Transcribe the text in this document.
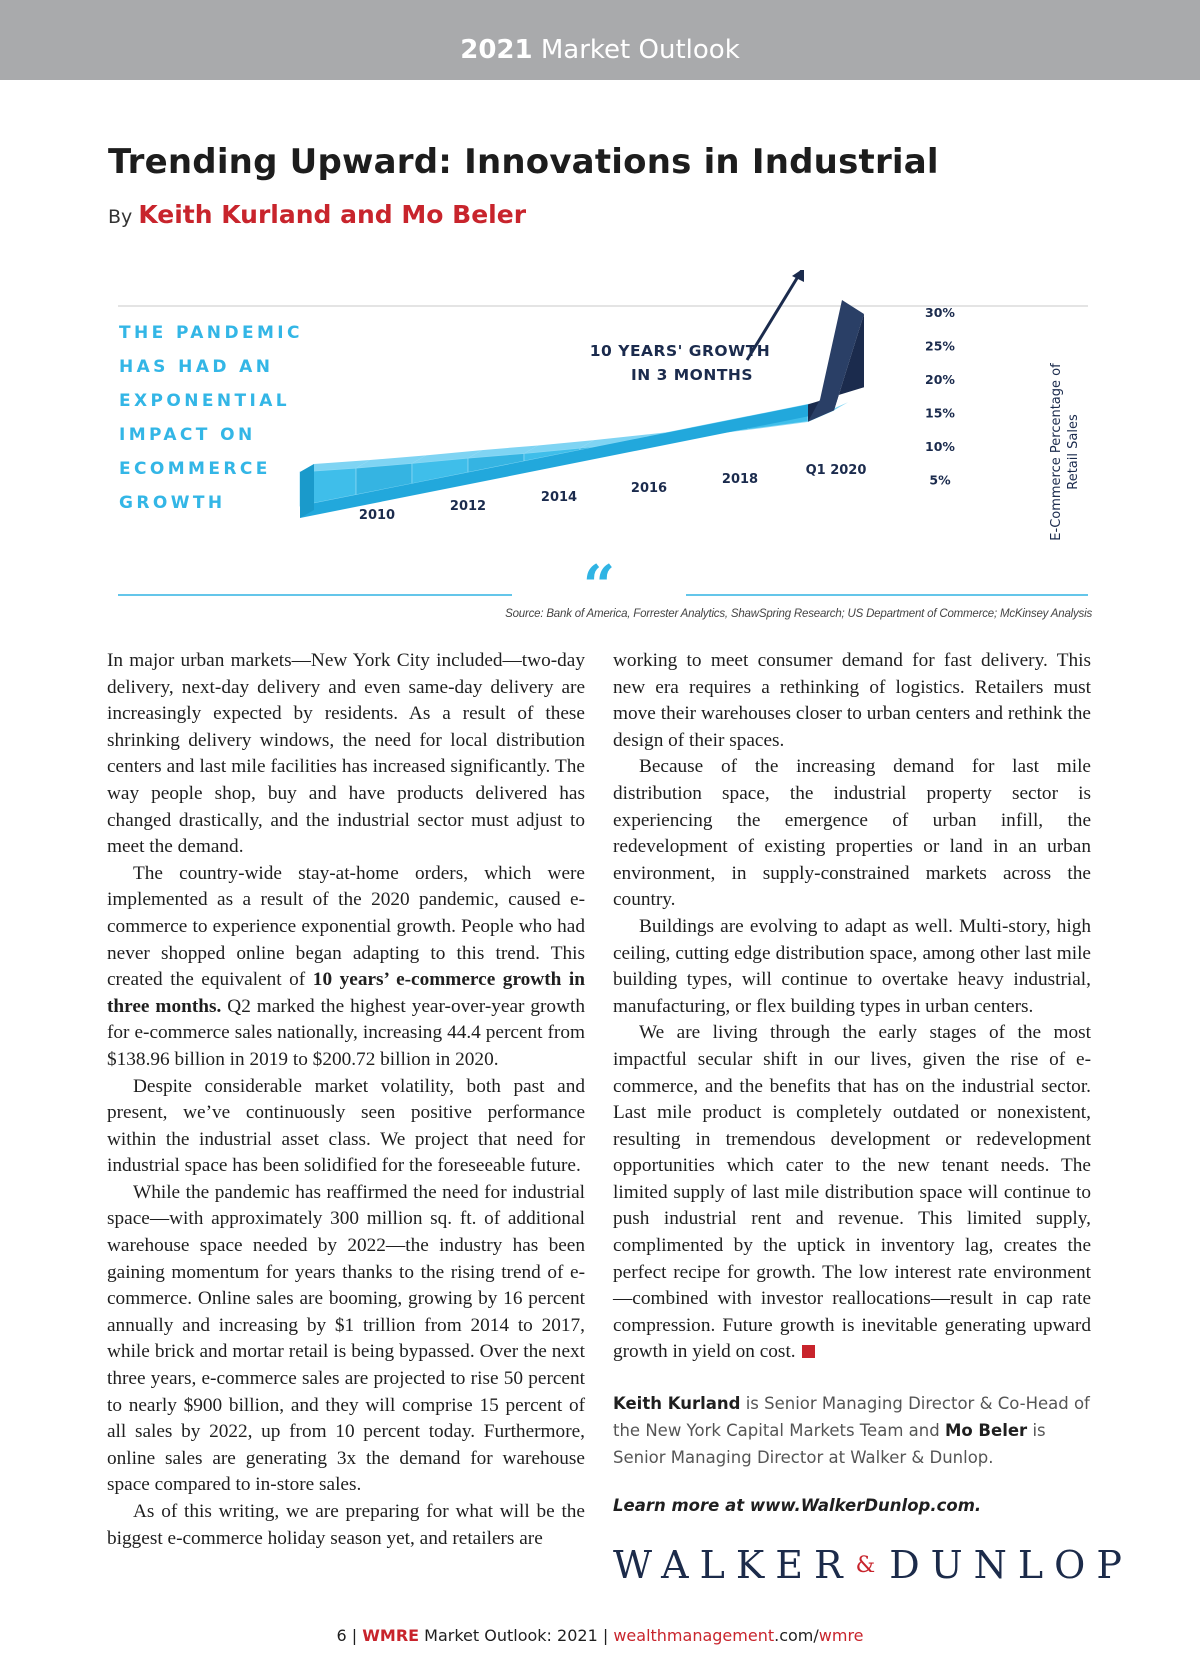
2021 Market Outlook
Trending Upward: Innovations in Industrial
By Keith Kurland and Mo Beler
THE PANDEMIC
HAS HAD AN
EXPONENTIAL
IMPACT ON
ECOMMERCE
GROWTH
2010
2012
2014
2016
2018
Q1 2020
30%
25%
20%
15%
10%
5%
10 YEARS' GROWTH
IN 3 MONTHS	E-Commerce Percentage of Retail Sales
“
Source: Bank of America, Forrester Analytics, ShawSpring Research; US Department of Commerce; McKinsey Analysis

In major urban markets—New York City included—two-day delivery, next-day delivery and even same-day delivery are increasingly expected by residents. As a result of these shrinking delivery windows, the need for local distribution centers and last mile facilities has increased significantly. The way people shop, buy and have products delivered has changed drastically, and the industrial sector must adjust to meet the demand.

The country-wide stay-at-home orders, which were implemented as a result of the 2020 pandemic, caused e-commerce to experience exponential growth. People who had never shopped online began adapting to this trend. This created the equivalent of 10 years’ e-commerce growth in three months. Q2 marked the highest year-over-year growth for e-commerce sales nationally, increasing 44.4 percent from $138.96 billion in 2019 to $200.72 billion in 2020.

Despite considerable market volatility, both past and present, we’ve continuously seen positive performance within the industrial asset class. We project that need for industrial space has been solidified for the foreseeable future.

While the pandemic has reaffirmed the need for industrial space—with approximately 300 million sq. ft. of additional warehouse space needed by 2022—the industry has been gaining momentum for years thanks to the rising trend of e-commerce. Online sales are booming, growing by 16 percent annually and increasing by $1 trillion from 2014 to 2017, while brick and mortar retail is being bypassed. Over the next three years, e-commerce sales are projected to rise 50 percent to nearly $900 billion, and they will comprise 15 percent of all sales by 2022, up from 10 percent today. Furthermore, online sales are generating 3x the demand for warehouse space compared to in-store sales.

As of this writing, we are preparing for what will be the biggest e-commerce holiday season yet, and retailers are

working to meet consumer demand for fast delivery. This new era requires a rethinking of logistics. Retailers must move their warehouses closer to urban centers and rethink the design of their spaces.

Because of the increasing demand for last mile distribution space, the industrial property sector is experiencing the emergence of urban infill, the redevelopment of existing properties or land in an urban environment, in supply-constrained markets across the country.

Buildings are evolving to adapt as well. Multi-story, high ceiling, cutting edge distribution space, among other last mile building types, will continue to overtake heavy industrial, manufacturing, or flex building types in urban centers.

We are living through the early stages of the most impactful secular shift in our lives, given the rise of e-commerce, and the benefits that has on the industrial sector. Last mile product is completely outdated or nonexistent, resulting in tremendous development or redevelopment opportunities which cater to the new tenant needs. The limited supply of last mile distribution space will continue to push industrial rent and revenue. This limited supply, complimented by the uptick in inventory lag, creates the perfect recipe for growth. The low interest rate environment—combined with investor reallocations—result in cap rate compression. Future growth is inevitable generating upward growth in yield on cost.

Keith Kurland is Senior Managing Director & Co-Head of the New York Capital Markets Team and Mo Beler is Senior Managing Director at Walker & Dunlop.
Learn more at www.WalkerDunlop.com.
WALKER& DUNLOP
6 | WMRE Market Outlook: 2021 | wealthmanagement.com/wmre
